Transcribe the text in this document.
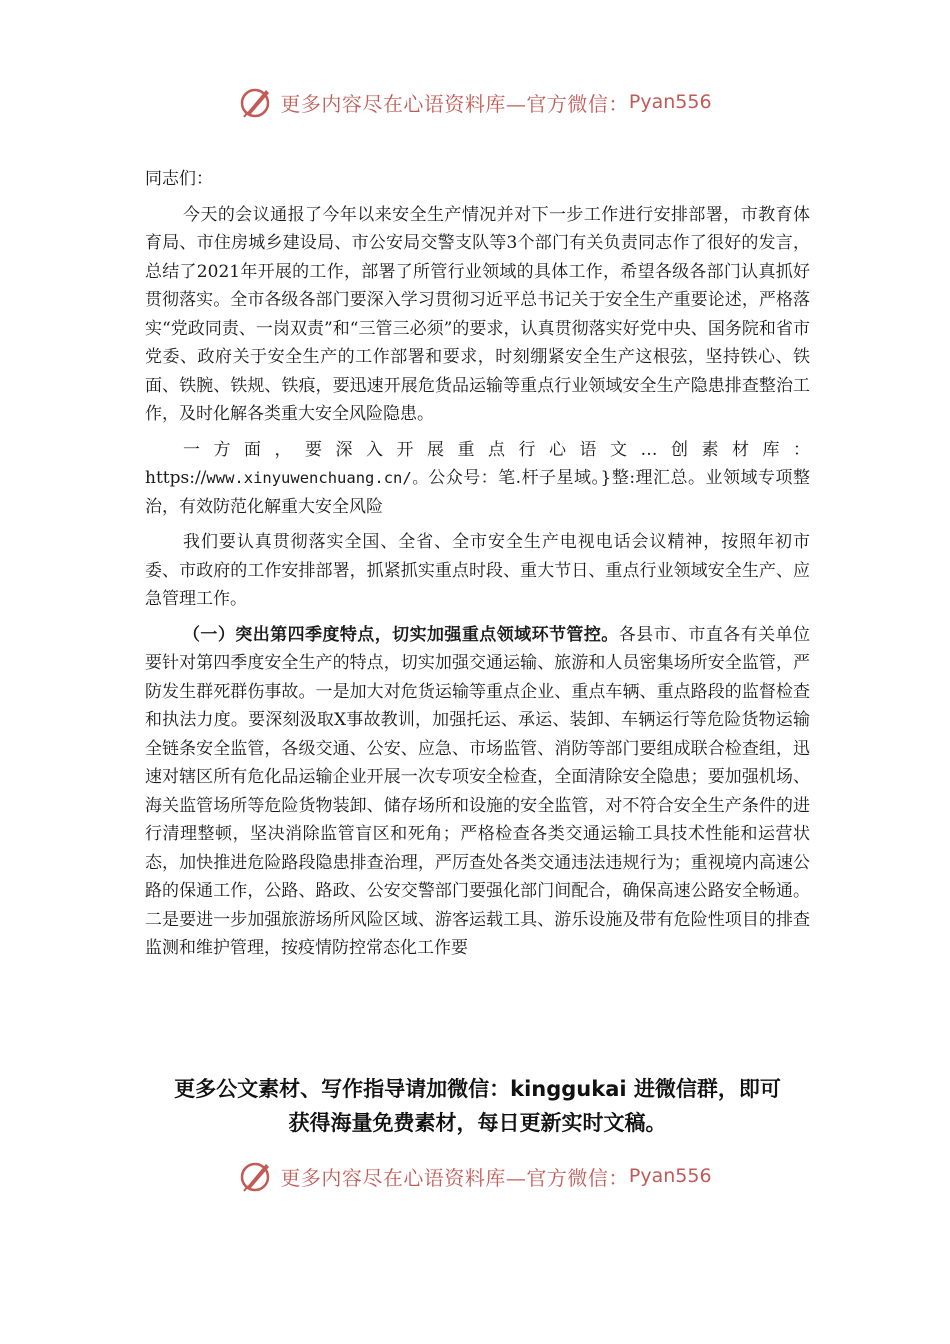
更多内容尽在心语资料库—官方微信： Pyan556

同志们：

今天的会议通报了今年以来安全生产情况并对下一步工作进行安排部署，市教育体育局、市住房城乡建设局、市公安局交警支队等3个部门有关负责同志作了很好的发言，总结了2021年开展的工作，部署了所管行业领域的具体工作，希望各级各部门认真抓好贯彻落实。全市各级各部门要深入学习贯彻习近平总书记关于安全生产重要论述，严格落实“党政同责、一岗双责”和“三管三必须”的要求，认真贯彻落实好党中央、国务院和省市党委、政府关于安全生产的工作部署和要求，时刻绷紧安全生产这根弦，坚持铁心、铁面、铁腕、铁规、铁痕，要迅速开展危货品运输等重点行业领域安全生产隐患排查整治工作，及时化解各类重大安全风险隐患。

一方面，要深入开展重点行心语文…创素材库：https://www.xinyuwenchuang.cn/。公众号：笔.杆子星域。}整:理汇总。业领域专项整治，有效防范化解重大安全风险

我们要认真贯彻落实全国、全省、全市安全生产电视电话会议精神，按照年初市委、市政府的工作安排部署，抓紧抓实重点时段、重大节日、重点行业领域安全生产、应急管理工作。

（一）突出第四季度特点，切实加强重点领域环节管控。各县市、市直各有关单位要针对第四季度安全生产的特点，切实加强交通运输、旅游和人员密集场所安全监管，严防发生群死群伤事故。一是加大对危货运输等重点企业、重点车辆、重点路段的监督检查和执法力度。要深刻汲取X事故教训，加强托运、承运、装卸、车辆运行等危险货物运输全链条安全监管，各级交通、公安、应急、市场监管、消防等部门要组成联合检查组，迅速对辖区所有危化品运输企业开展一次专项安全检查，全面清除安全隐患；要加强机场、海关监管场所等危险货物装卸、储存场所和设施的安全监管，对不符合安全生产条件的进行清理整顿，坚决消除监管盲区和死角；严格检查各类交通运输工具技术性能和运营状态，加快推进危险路段隐患排查治理，严厉查处各类交通违法违规行为；重视境内高速公路的保通工作，公路、路政、公安交警部门要强化部门间配合，确保高速公路安全畅通。二是要进一步加强旅游场所风险区域、游客运载工具、游乐设施及带有危险性项目的排查监测和维护管理，按疫情防控常态化工作要

更多公文素材、写作指导请加微信：kinggukai 进微信群，即可
获得海量免费素材，每日更新实时文稿。
更多内容尽在心语资料库—官方微信： Pyan556
